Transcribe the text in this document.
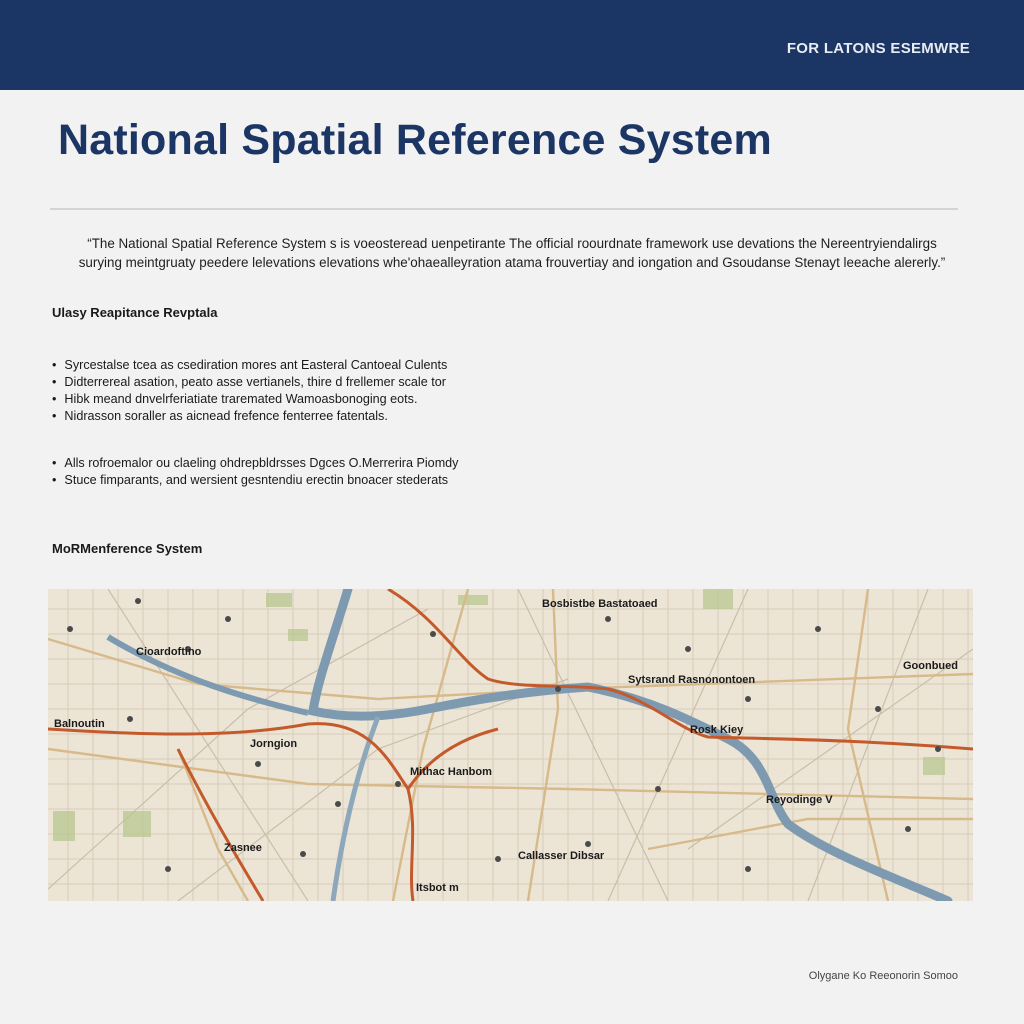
FOR LATONS ESEMWRE
National Spatial Reference System

“The National Spatial Reference System s is voeosteread uenpetirante The official roourdnate framework use devations the Nereentryiendalirgs
surying meintgruaty peedere lelevations elevations whe'ohaealleyration atama frouvertiay and iongation and Gsoudanse Stenayt leeache alererly.”

Ulasy Reapitance Revptala
• Syrcestalse tcea as csediration mores ant Easteral Cantoeal Culents
• Didterrereal asation, peato asse vertianels, thire d frellemer scale tor
• Hibk meand dnvelrferiatiate traremated Wamoasbonoging eots.
• Nidrasson soraller as aicnead frefence fenterree fatentals.
• Alls rofroemalor ou claeling ohdrepbldrsses Dgces O.Merrerira Piomdy
• Stuce fimparants, and wersient gesntendiu erectin bnoacer stederats
MoRMenference System
Cioardoftino
Balnoutin
Jorngion
Bosbistbe Bastatoaed
Sytsrand Rasnonontoen
Goonbued
Rosk Kiey
Mithac Hanbom
Reyodinge V
Zasnee
Callasser Dibsar
Itsbot m
Olygane Ko Reeonorin Somoo
